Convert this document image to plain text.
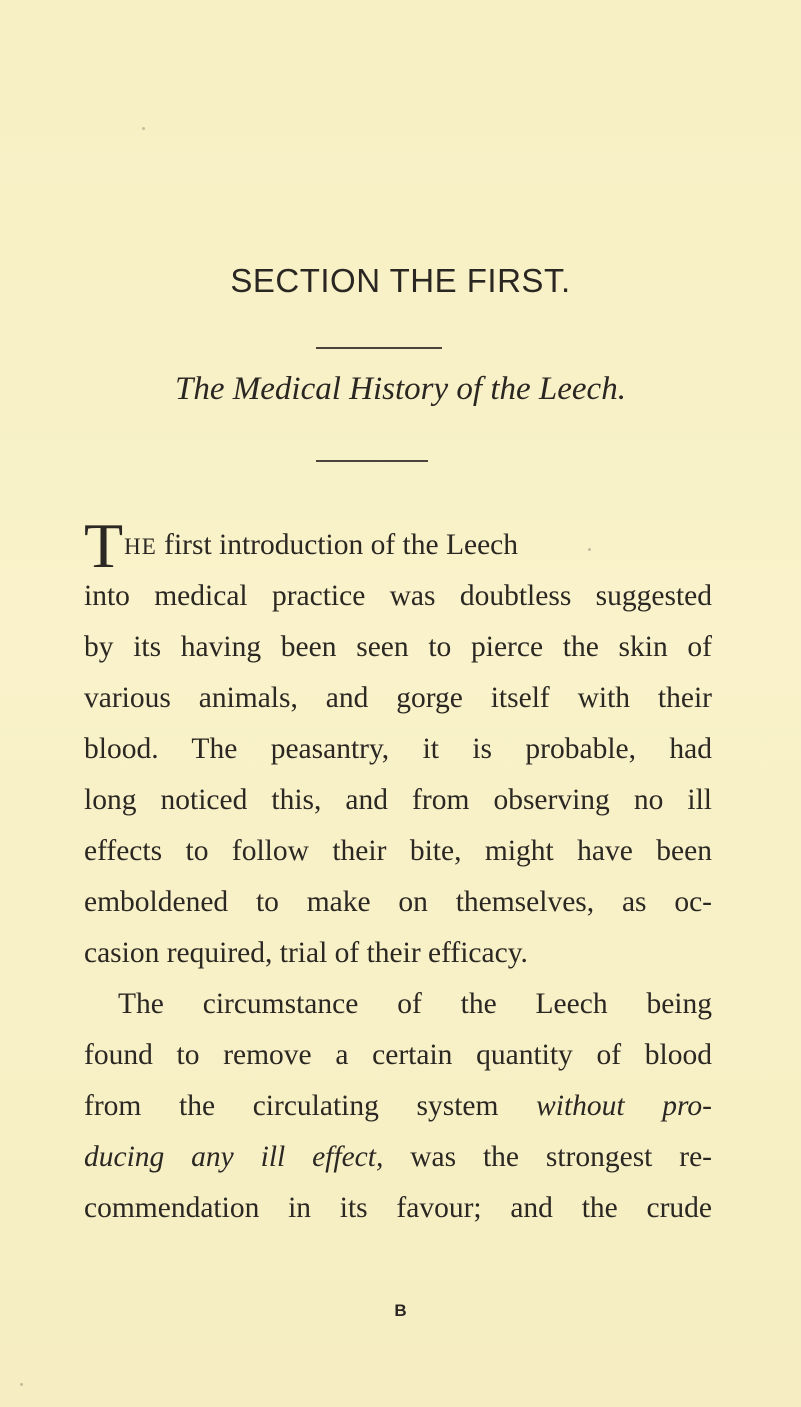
SECTION THE FIRST.
The Medical History of the Leech.
THE first introduction of the Leech
into medical practice was doubtless suggested
by its having been seen to pierce the skin of
various animals, and gorge itself with their
blood. The peasantry, it is probable, had
long noticed this, and from observing no ill
effects to follow their bite, might have been
emboldened to make on themselves, as oc-
casion required, trial of their efficacy.
The circumstance of the Leech being
found to remove a certain quantity of blood
from the circulating system without pro-
ducing any ill effect, was the strongest re-
commendation in its favour; and the crude
B
